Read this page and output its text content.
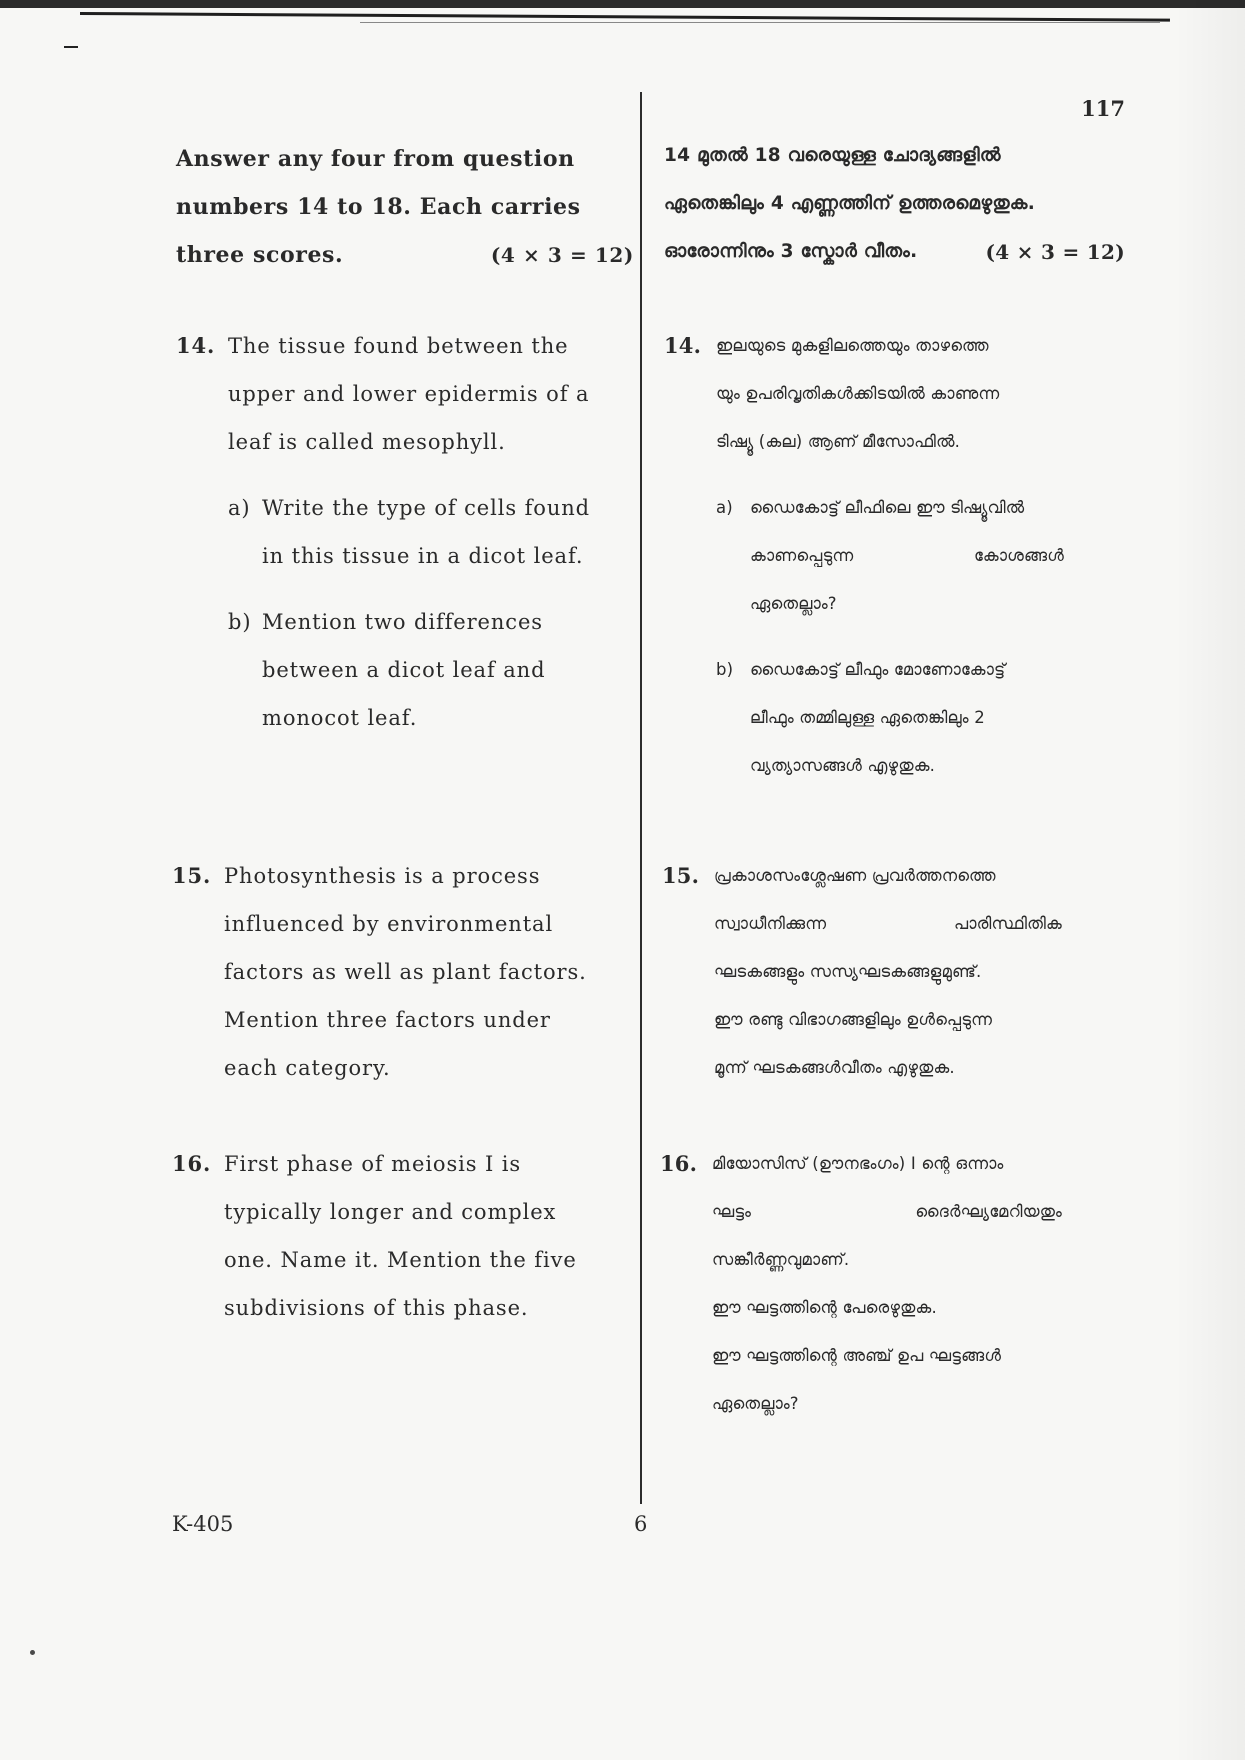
117
Answer any four from question
numbers 14 to 18. Each carries
three scores.	(4 × 3 = 12)
14 മുതൽ 18 വരെയുള്ള ചോദ്യങ്ങളിൽ
ഏതെങ്കിലും 4 എണ്ണത്തിന് ഉത്തരമെഴുതുക.
ഓരോന്നിനും 3 സ്കോർ വീതം.	(4 × 3 = 12)
14. The tissue found between the
upper and lower epidermis of a
leaf is called mesophyll.
a) Write the type of cells found
in this tissue in a dicot leaf.
b) Mention two differences
between a dicot leaf and
monocot leaf.
14. ഇലയുടെ മുകളിലത്തെയും താഴത്തെ
യും ഉപരിവൃതികൾക്കിടയിൽ കാണുന്ന
ടിഷ്യൂ (കല) ആണ് മീസോഫിൽ.
a) ഡൈകോട്ട് ലീഫിലെ ഈ ടിഷ്യൂവിൽ
കാണപ്പെടുന്ന	കോശങ്ങൾ
ഏതെല്ലാം?
b) ഡൈകോട്ട് ലീഫും മോണോകോട്ട്
ലീഫും തമ്മിലുള്ള ഏതെങ്കിലും 2
വ്യത്യാസങ്ങൾ എഴുതുക.
15. Photosynthesis is a process
influenced by environmental
factors as well as plant factors.
Mention three factors under
each category.
15. പ്രകാശസംശ്ലേഷണ പ്രവർത്തനത്തെ
സ്വാധീനിക്കുന്ന	പാരിസ്ഥിതിക
ഘടകങ്ങളും സസ്യഘടകങ്ങളുമുണ്ട്.
ഈ രണ്ടു വിഭാഗങ്ങളിലും ഉൾപ്പെടുന്ന
മൂന്ന് ഘടകങ്ങൾവീതം എഴുതുക.
16. First phase of meiosis I is
typically longer and complex
one. Name it. Mention the five
subdivisions of this phase.
16. മിയോസിസ് (ഊനഭംഗം) I ന്റെ ഒന്നാം
ഘട്ടം	ദൈർഘ്യമേറിയതും
സങ്കീർണ്ണവുമാണ്.
ഈ ഘട്ടത്തിന്റെ പേരെഴുതുക.
ഈ ഘട്ടത്തിന്റെ അഞ്ച് ഉപ ഘട്ടങ്ങൾ
ഏതെല്ലാം?
K-405	6
